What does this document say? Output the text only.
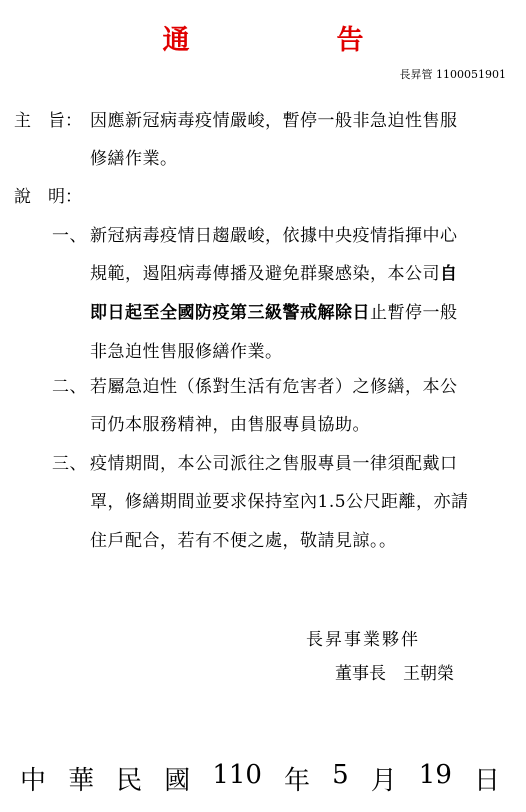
通　告
長昇管 1100051901
主　旨： 因應新冠病毒疫情嚴峻，暫停一般非急迫性售服
修繕作業。
說　明：
一、 新冠病毒疫情日趨嚴峻，依據中央疫情指揮中心
規範，遏阻病毒傳播及避免群聚感染，本公司自
即日起至全國防疫第三級警戒解除日止暫停一般
非急迫性售服修繕作業。
二、 若屬急迫性（係對生活有危害者）之修繕，本公
司仍本服務精神，由售服專員協助。
三、 疫情期間，本公司派往之售服專員一律須配戴口
罩，修繕期間並要求保持室內1.5公尺距離，亦請
住戶配合，若有不便之處，敬請見諒。。
長昇事業夥伴
董事長　王朝榮
中 華 民 國 110 年 5 月 19 日
